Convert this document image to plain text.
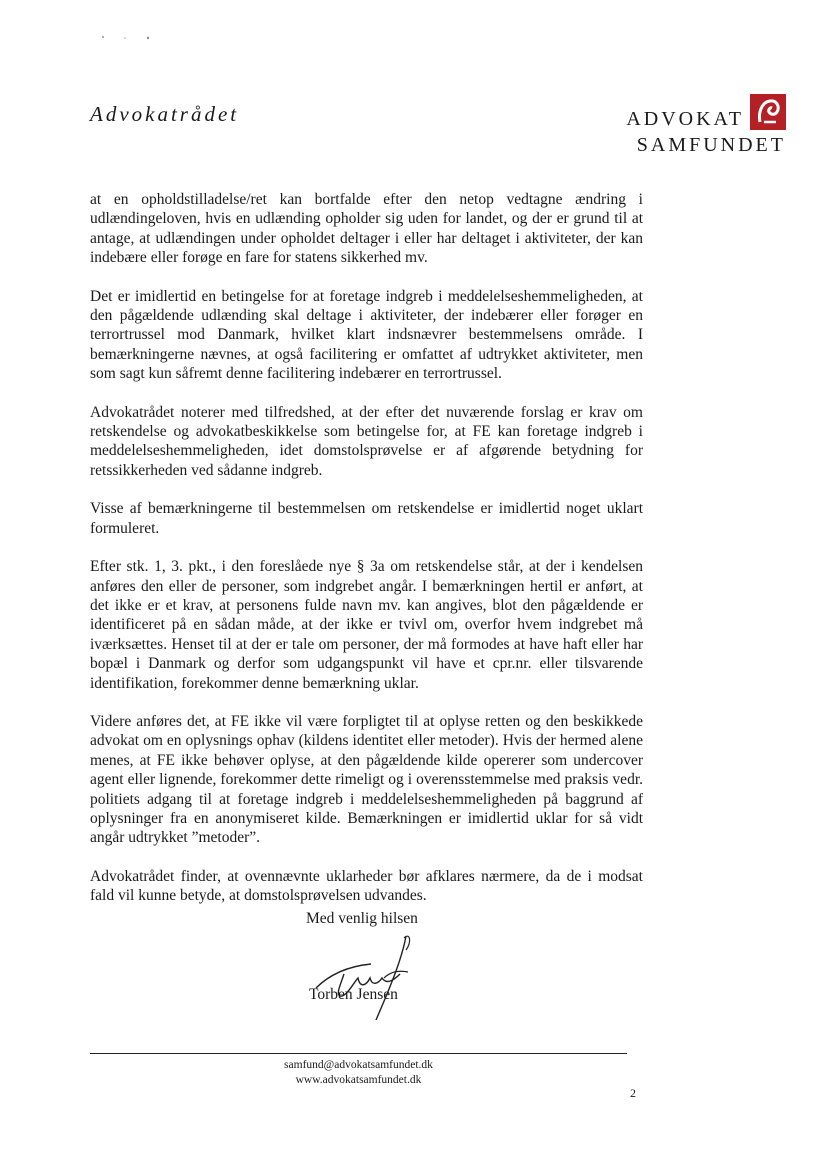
Advokatrådet	ADVOKAT
SAMFUNDET

at en opholdstilladelse/ret kan bortfalde efter den netop vedtagne ændring i udlændingeloven, hvis en udlænding opholder sig uden for landet, og der er grund til at antage, at udlændingen under opholdet deltager i eller har deltaget i aktiviteter, der kan indebære eller forøge en fare for statens sikkerhed mv.

Det er imidlertid en betingelse for at foretage indgreb i meddelelseshemmeligheden, at den pågældende udlænding skal deltage i aktiviteter, der indebærer eller forøger en terrortrussel mod Danmark, hvilket klart indsnævrer bestemmelsens område. I bemærkningerne nævnes, at også facilitering er omfattet af udtrykket aktiviteter, men som sagt kun såfremt denne facilitering indebærer en terrortrussel.

Advokatrådet noterer med tilfredshed, at der efter det nuværende forslag er krav om retskendelse og advokatbeskikkelse som betingelse for, at FE kan foretage indgreb i meddelelseshemmeligheden, idet domstolsprøvelse er af afgørende betydning for retssikkerheden ved sådanne indgreb.

Visse af bemærkningerne til bestemmelsen om retskendelse er imidlertid noget uklart formuleret.

Efter stk. 1, 3. pkt., i den foreslåede nye § 3a om retskendelse står, at der i kendelsen anføres den eller de personer, som indgrebet angår. I bemærkningen hertil er anført, at det ikke er et krav, at personens fulde navn mv. kan angives, blot den pågældende er identificeret på en sådan måde, at der ikke er tvivl om, overfor hvem indgrebet må iværksættes. Henset til at der er tale om personer, der må formodes at have haft eller har bopæl i Danmark og derfor som udgangspunkt vil have et cpr.nr. eller tilsvarende identifikation, forekommer denne bemærkning uklar.

Videre anføres det, at FE ikke vil være forpligtet til at oplyse retten og den beskikkede advokat om en oplysnings ophav (kildens identitet eller metoder). Hvis der hermed alene menes, at FE ikke behøver oplyse, at den pågældende kilde opererer som undercover agent eller lignende, forekommer dette rimeligt og i overensstemmelse med praksis vedr. politiets adgang til at foretage indgreb i meddelelseshemmeligheden på baggrund af oplysninger fra en anonymiseret kilde. Bemærkningen er imidlertid uklar for så vidt angår udtrykket ”metoder”.

Advokatrådet finder, at ovennævnte uklarheder bør afklares nærmere, da de i modsat fald vil kunne betyde, at domstolsprøvelsen udvandes.

Med venlig hilsen
Torben Jensen
samfund@advokatsamfundet.dk
www.advokatsamfundet.dk
2
